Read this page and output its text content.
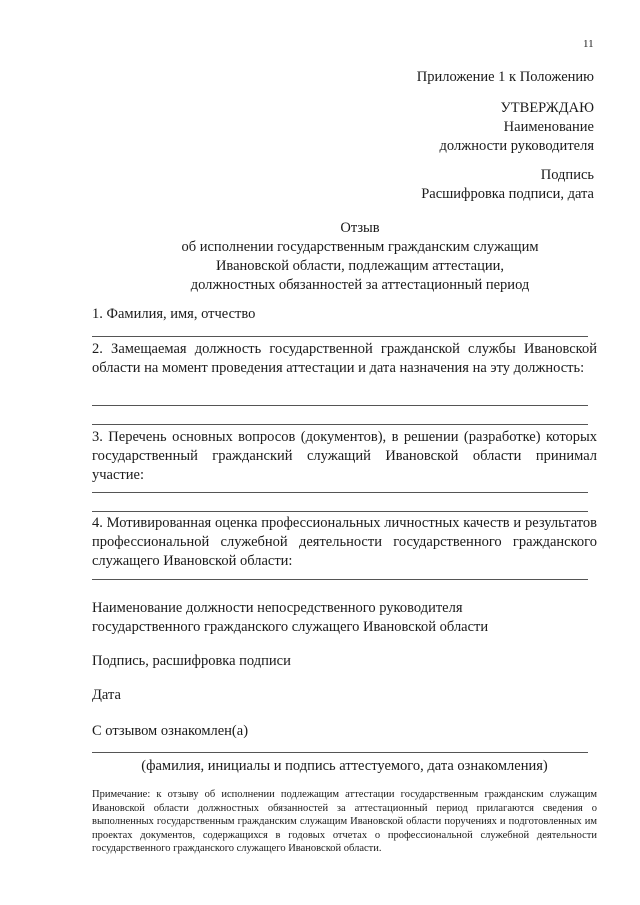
11
Приложение 1 к Положению
УТВЕРЖДАЮ
Наименование
должности руководителя
Подпись
Расшифровка подписи, дата
Отзыв
об исполнении государственным гражданским служащим
Ивановской области, подлежащим аттестации,
должностных обязанностей за аттестационный период
1. Фамилия, имя, отчество
2. Замещаемая должность государственной гражданской службы Ивановской области на момент проведения аттестации и дата назначения на эту должность:
3. Перечень основных вопросов (документов), в решении (разработке) которых государственный гражданский служащий Ивановской области принимал участие:
4. Мотивированная оценка профессиональных личностных качеств и результатов профессиональной служебной деятельности государственного гражданского служащего Ивановской области:
Наименование должности непосредственного руководителя
государственного гражданского служащего Ивановской области
Подпись, расшифровка подписи
Дата
С отзывом ознакомлен(а)
(фамилия, инициалы и подпись аттестуемого, дата ознакомления)
Примечание: к отзыву об исполнении подлежащим аттестации государственным гражданским служащим Ивановской области должностных обязанностей за аттестационный период прилагаются сведения о выполненных государственным гражданским служащим Ивановской области поручениях и подготовленных им проектах документов, содержащихся в годовых отчетах о профессиональной служебной деятельности государственного гражданского служащего Ивановской области.
